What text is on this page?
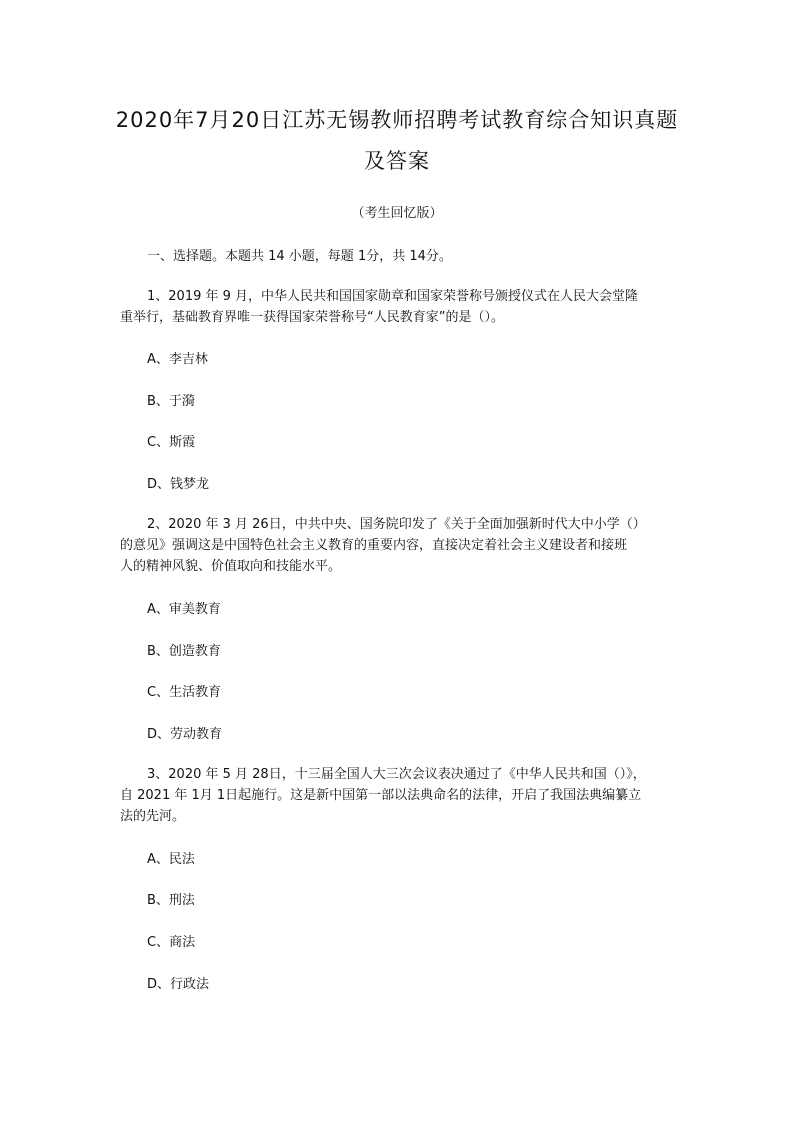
2020年7月20日江苏无锡教师招聘考试教育综合知识真题
及答案

（考生回忆版）

一、选择题。本题共 14 小题，每题 1分，共 14分。

1、2019 年 9 月，中华人民共和国国家勋章和国家荣誉称号颁授仪式在人民大会堂隆
重举行，基础教育界唯一获得国家荣誉称号“人民教育家”的是（）。

A、李吉林

B、于漪

C、斯霞

D、钱梦龙

2、2020 年 3 月 26日，中共中央、国务院印发了《关于全面加强新时代大中小学（）
的意见》强调这是中国特色社会主义教育的重要内容，直接决定着社会主义建设者和接班
人的精神风貌、价值取向和技能水平。

A、审美教育

B、创造教育

C、生活教育

D、劳动教育

3、2020 年 5 月 28日，十三届全国人大三次会议表决通过了《中华人民共和国（）》，
自 2021 年 1月 1日起施行。这是新中国第一部以法典命名的法律，开启了我国法典编纂立
法的先河。

A、民法

B、刑法

C、商法

D、行政法
